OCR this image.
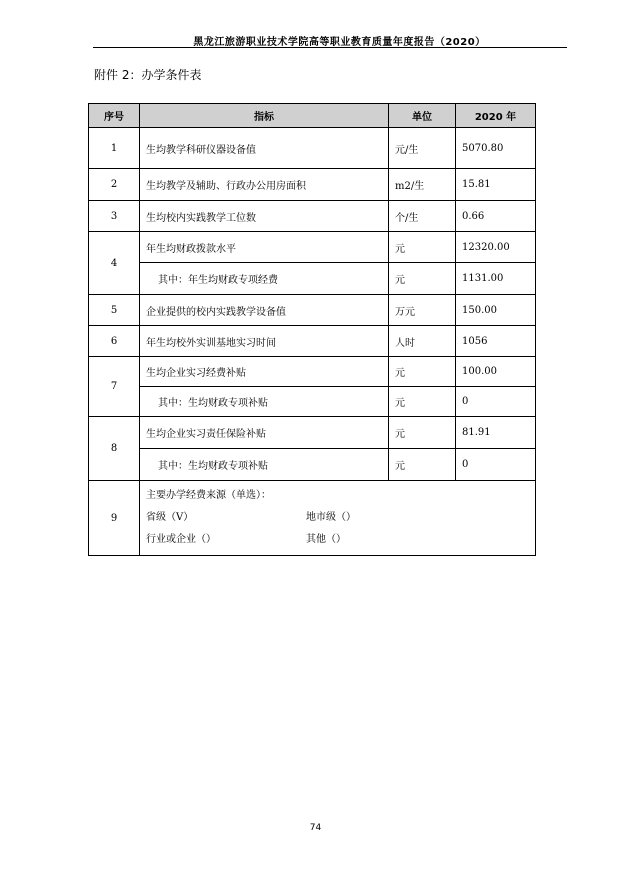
黑龙江旅游职业技术学院高等职业教育质量年度报告（2020）
附件 2：办学条件表
序号	指标	单位	2020 年
1	生均教学科研仪器设备值	元/生	5070.80
2	生均教学及辅助、行政办公用房面积	m2/生	15.81
3	生均校内实践教学工位数	个/生	0.66
4	年生均财政拨款水平	元	12320.00
	其中：年生均财政专项经费	元	1131.00
5	企业提供的校内实践教学设备值	万元	150.00
6	年生均校外实训基地实习时间	人时	1056
7	生均企业实习经费补贴	元	100.00
	其中：生均财政专项补贴	元	0
8	生均企业实习责任保险补贴	元	81.91
	其中：生均财政专项补贴	元	0
9	主要办学经费来源（单选）：
省级（V） 地市级（）
行业或企业（） 其他（）		
74
